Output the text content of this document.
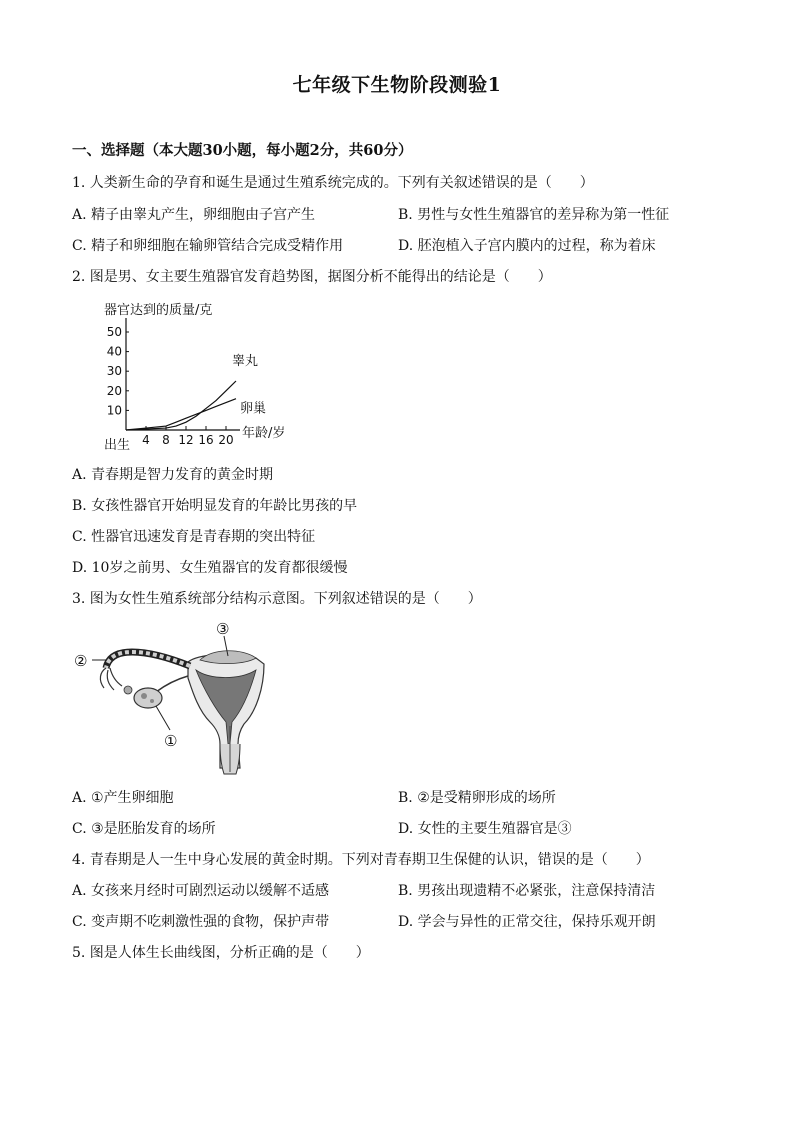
七年级下生物阶段测验1
一、选择题（本大题30小题，每小题2分，共60分）
1. 人类新生命的孕育和诞生是通过生殖系统完成的。下列有关叙述错误的是（　　）
A. 精子由睾丸产生，卵细胞由子宫产生	B. 男性与女性生殖器官的差异称为第一性征
C. 精子和卵细胞在输卵管结合完成受精作用	D. 胚泡植入子宫内膜内的过程，称为着床
2. 图是男、女主要生殖器官发育趋势图，据图分析不能得出的结论是（　　）
器官达到的质量/克
年龄/岁
出生
10
20
30
40
50
4 8 12 16 20
睾丸
卵巢
A. 青春期是智力发育的黄金时期
B. 女孩性器官开始明显发育的年龄比男孩的早
C. 性器官迅速发育是青春期的突出特征
D. 10岁之前男、女生殖器官的发育都很缓慢
3. 图为女性生殖系统部分结构示意图。下列叙述错误的是（　　）
②
③
①
A. ①产生卵细胞	B. ②是受精卵形成的场所
C. ③是胚胎发育的场所	D. 女性的主要生殖器官是③
4. 青春期是人一生中身心发展的黄金时期。下列对青春期卫生保健的认识，错误的是（　　）
A. 女孩来月经时可剧烈运动以缓解不适感	B. 男孩出现遗精不必紧张，注意保持清洁
C. 变声期不吃刺激性强的食物，保护声带	D. 学会与异性的正常交往，保持乐观开朗
5. 图是人体生长曲线图，分析正确的是（　　）
